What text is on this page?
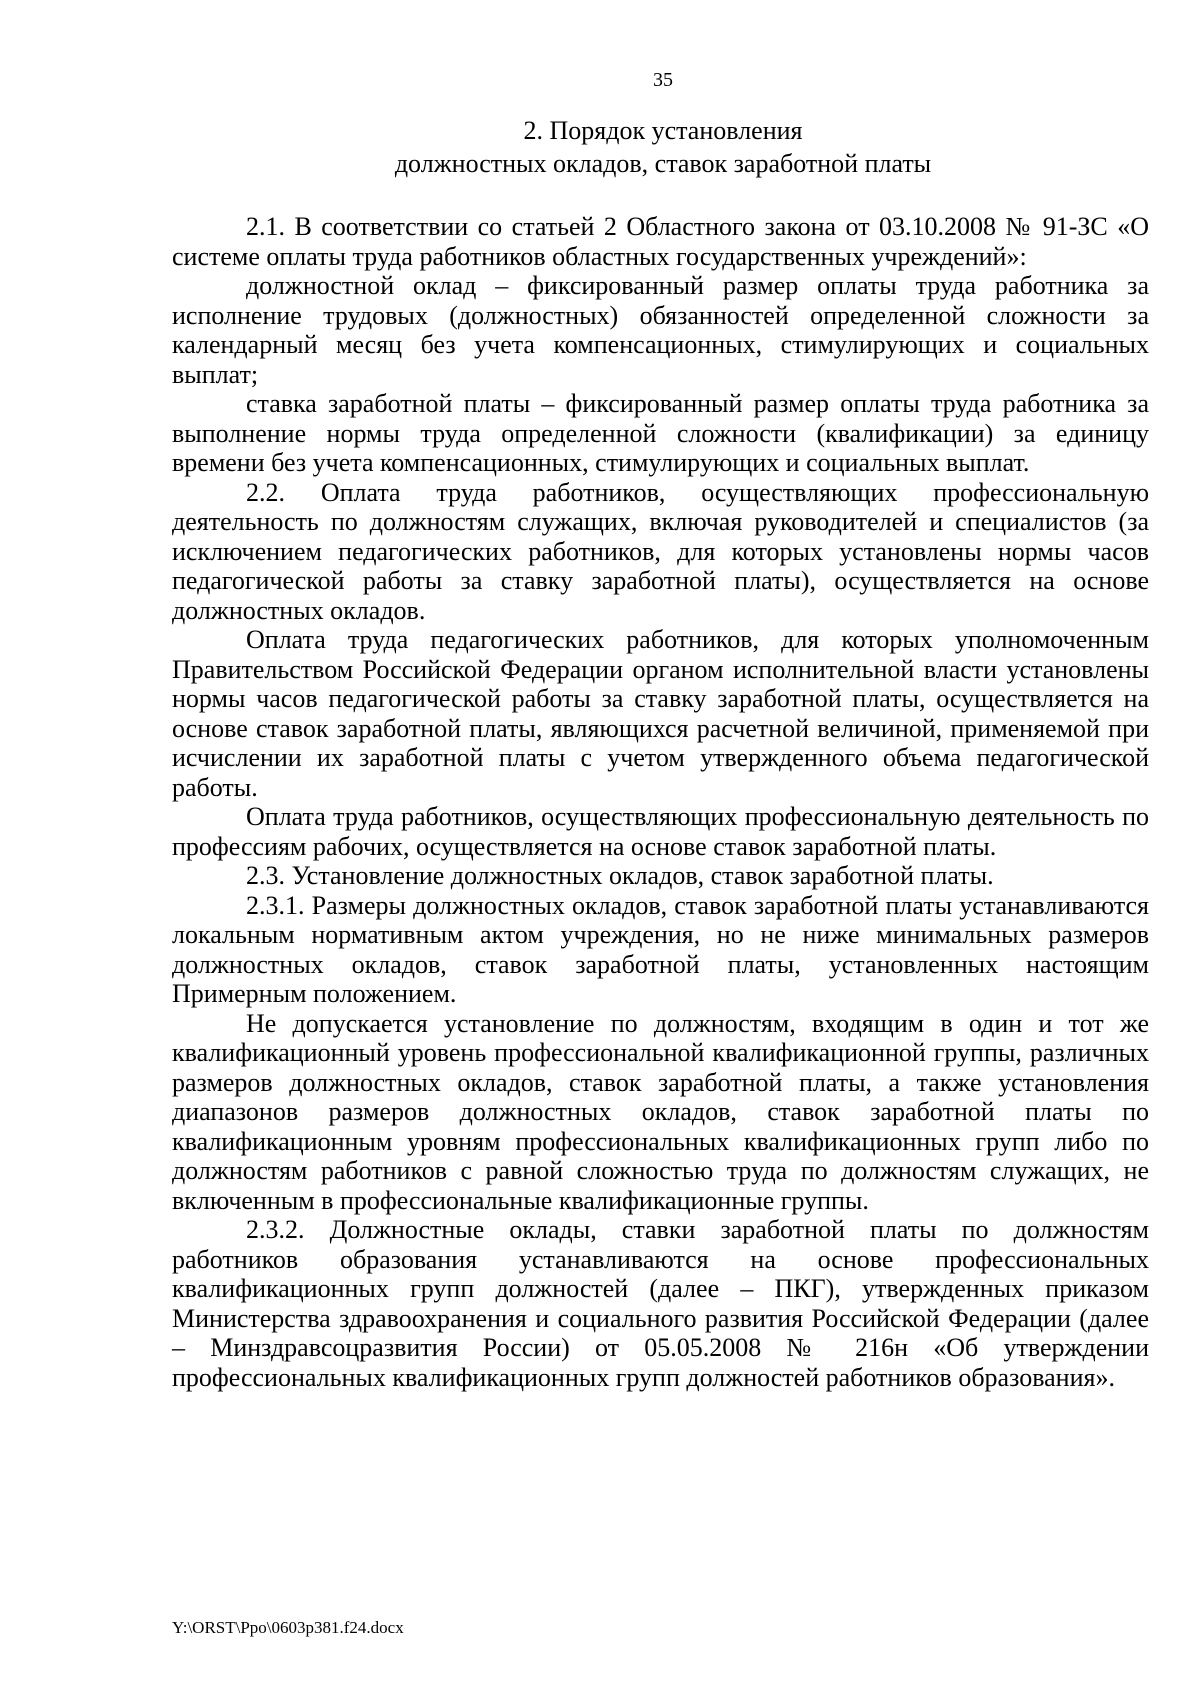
35
2. Порядок установления
должностных окладов, ставок заработной платы

2.1. В соответствии со статьей 2 Областного закона от 03.10.2008 № 91-ЗС «О системе оплаты труда работников областных государственных учреждений»:

должностной оклад – фиксированный размер оплаты труда работника за исполнение трудовых (должностных) обязанностей определенной сложности за календарный месяц без учета компенсационных, стимулирующих и социальных выплат;

ставка заработной платы – фиксированный размер оплаты труда работника за выполнение нормы труда определенной сложности (квалификации) за единицу времени без учета компенсационных, стимулирующих и социальных выплат.

2.2. Оплата труда работников, осуществляющих профессиональную деятельность по должностям служащих, включая руководителей и специалистов (за исключением педагогических работников, для которых установлены нормы часов педагогической работы за ставку заработной платы), осуществляется на основе должностных окладов.

Оплата труда педагогических работников, для которых уполномоченным Правительством Российской Федерации органом исполнительной власти установлены нормы часов педагогической работы за ставку заработной платы, осуществляется на основе ставок заработной платы, являющихся расчетной величиной, применяемой при исчислении их заработной платы с учетом утвержденного объема педагогической работы.

Оплата труда работников, осуществляющих профессиональную деятельность по профессиям рабочих, осуществляется на основе ставок заработной платы.

2.3. Установление должностных окладов, ставок заработной платы.

2.3.1. Размеры должностных окладов, ставок заработной платы устанавливаются локальным нормативным актом учреждения, но не ниже минимальных размеров должностных окладов, ставок заработной платы, установленных настоящим Примерным положением.

Не допускается установление по должностям, входящим в один и тот же квалификационный уровень профессиональной квалификационной группы, различных размеров должностных окладов, ставок заработной платы, а также установления диапазонов размеров должностных окладов, ставок заработной платы по квалификационным уровням профессиональных квалификационных групп либо по должностям работников с равной сложностью труда по должностям служащих, не включенным в профессиональные квалификационные группы.

2.3.2. Должностные оклады, ставки заработной платы по должностям работников образования устанавливаются на основе профессиональных квалификационных групп должностей (далее – ПКГ), утвержденных приказом Министерства здравоохранения и социального развития Российской Федерации (далее – Минздравсоцразвития России) от 05.05.2008 № 216н «Об утверждении профессиональных квалификационных групп должностей работников образования».

Y:\ORST\Ppo\0603p381.f24.docx
